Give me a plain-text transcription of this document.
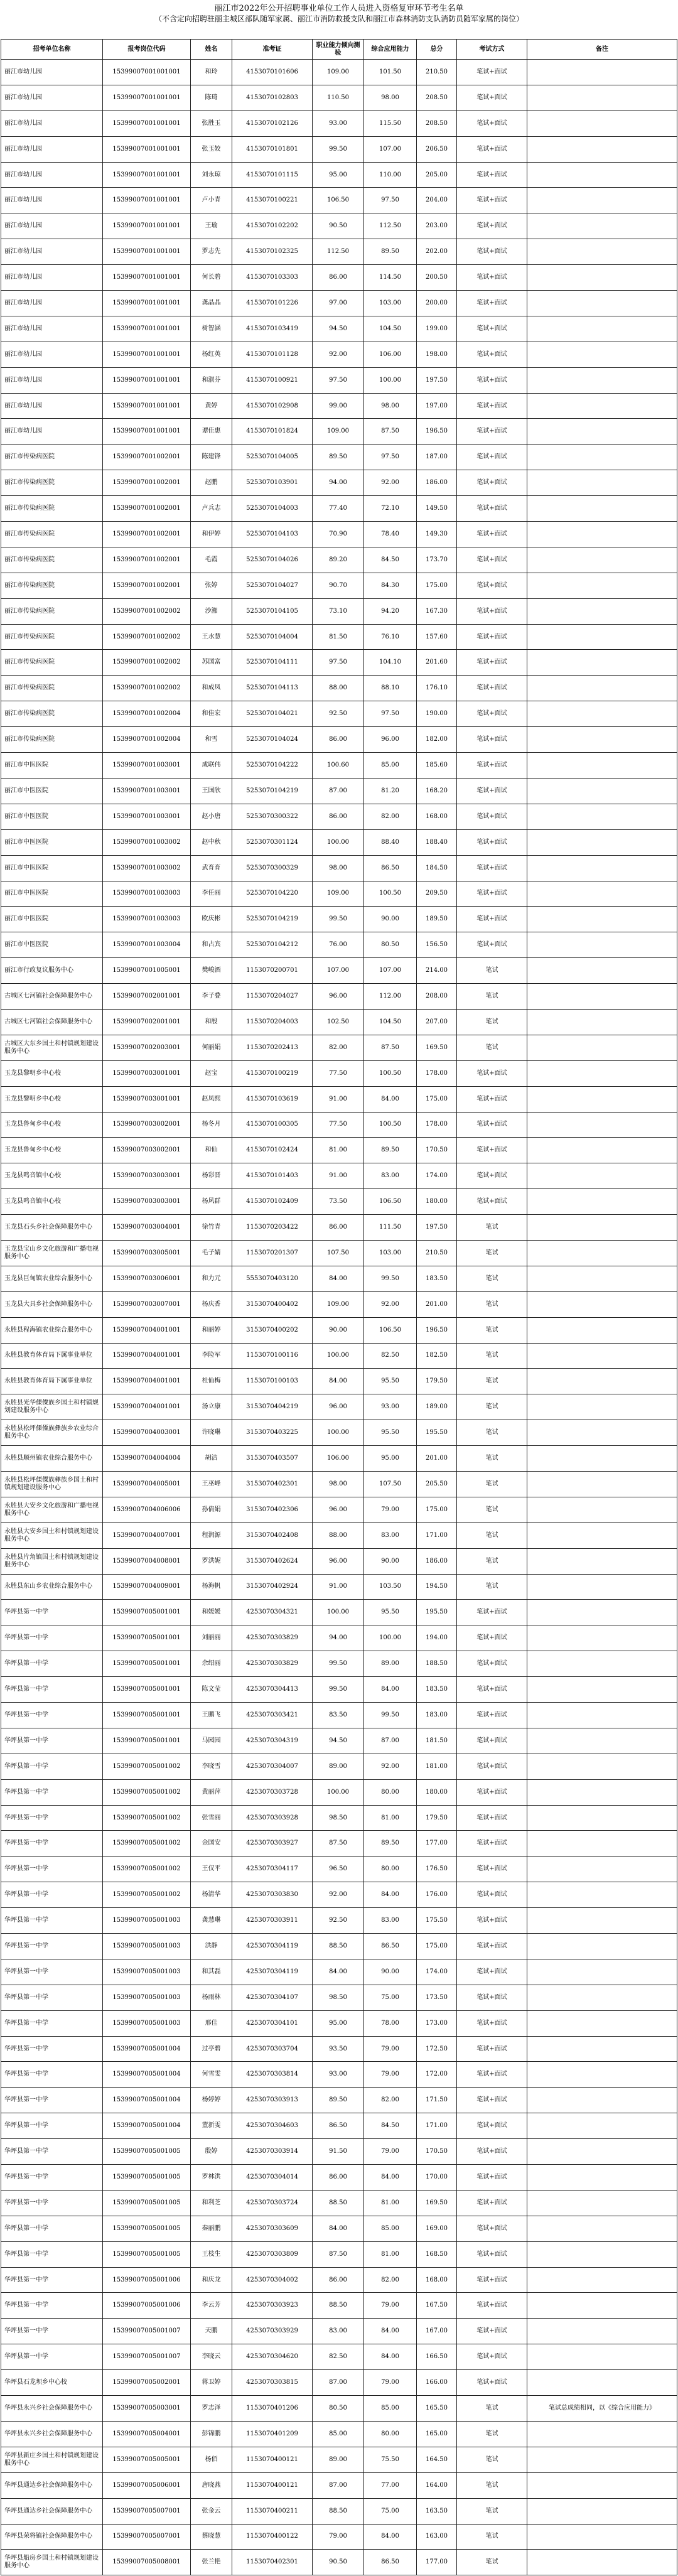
丽江市2022年公开招聘事业单位工作人员进入资格复审环节考生名单
（不含定向招聘驻丽主城区部队随军家属、丽江市消防救援支队和丽江市森林消防支队消防员随军家属的岗位）
招考单位名称	报考岗位代码	姓名	准考证	职业能力倾向测验	综合应用能力	总分	考试方式	备注
丽江市幼儿园	15399007001001001	和玲	4153070101606	109.00	101.50	210.50	笔试+面试	
丽江市幼儿园	15399007001001001	陈琦	4153070102803	110.50	98.00	208.50	笔试+面试	
丽江市幼儿园	15399007001001001	张胜玉	4153070102126	93.00	115.50	208.50	笔试+面试	
丽江市幼儿园	15399007001001001	张玉姣	4153070101801	99.50	107.00	206.50	笔试+面试	
丽江市幼儿园	15399007001001001	刘永琼	4153070101115	95.00	110.00	205.00	笔试+面试	
丽江市幼儿园	15399007001001001	卢小青	4153070100221	106.50	97.50	204.00	笔试+面试	
丽江市幼儿园	15399007001001001	王瑜	4153070102202	90.50	112.50	203.00	笔试+面试	
丽江市幼儿园	15399007001001001	罗志先	4153070102325	112.50	89.50	202.00	笔试+面试	
丽江市幼儿园	15399007001001001	何长碧	4153070103303	86.00	114.50	200.50	笔试+面试	
丽江市幼儿园	15399007001001001	龚晶晶	4153070101226	97.00	103.00	200.00	笔试+面试	
丽江市幼儿园	15399007001001001	树智涵	4153070103419	94.50	104.50	199.00	笔试+面试	
丽江市幼儿园	15399007001001001	杨红英	4153070101128	92.00	106.00	198.00	笔试+面试	
丽江市幼儿园	15399007001001001	和淑芬	4153070100921	97.50	100.00	197.50	笔试+面试	
丽江市幼儿园	15399007001001001	黄婷	4153070102908	99.00	98.00	197.00	笔试+面试	
丽江市幼儿园	15399007001001001	谭佳惠	4153070101824	109.00	87.50	196.50	笔试+面试	
丽江市传染病医院	15399007001002001	陈建锋	5253070104005	89.50	97.50	187.00	笔试+面试	
丽江市传染病医院	15399007001002001	赵鹏	5253070103901	94.00	92.00	186.00	笔试+面试	
丽江市传染病医院	15399007001002001	卢兵志	5253070104003	77.40	72.10	149.50	笔试+面试	
丽江市传染病医院	15399007001002001	和伊婷	5253070104103	70.90	78.40	149.30	笔试+面试	
丽江市传染病医院	15399007001002001	毛霞	5253070104026	89.20	84.50	173.70	笔试+面试	
丽江市传染病医院	15399007001002001	张婷	5253070104027	90.70	84.30	175.00	笔试+面试	
丽江市传染病医院	15399007001002002	沙湘	5253070104105	73.10	94.20	167.30	笔试+面试	
丽江市传染病医院	15399007001002002	王水慧	5253070104004	81.50	76.10	157.60	笔试+面试	
丽江市传染病医院	15399007001002002	苏国富	5253070104111	97.50	104.10	201.60	笔试+面试	
丽江市传染病医院	15399007001002002	和成凤	5253070104113	88.00	88.10	176.10	笔试+面试	
丽江市传染病医院	15399007001002004	和佳宏	5253070104021	92.50	97.50	190.00	笔试+面试	
丽江市传染病医院	15399007001002004	和雪	5253070104024	86.00	96.00	182.00	笔试+面试	
丽江市中医医院	15399007001003001	成联伟	5253070104222	100.60	85.00	185.60	笔试+面试	
丽江市中医医院	15399007001003001	王国欣	5253070104219	87.00	81.20	168.20	笔试+面试	
丽江市中医医院	15399007001003001	赵小唐	5253070300322	86.00	82.00	168.00	笔试+面试	
丽江市中医医院	15399007001003002	赵中秋	5253070301124	100.00	88.40	188.40	笔试+面试	
丽江市中医医院	15399007001003002	武育育	5253070300329	98.00	86.50	184.50	笔试+面试	
丽江市中医医院	15399007001003003	李任丽	5253070104220	109.00	100.50	209.50	笔试+面试	
丽江市中医医院	15399007001003003	欧庆彬	5253070104219	99.50	90.00	189.50	笔试+面试	
丽江市中医医院	15399007001003004	和占宾	5253070104212	76.00	80.50	156.50	笔试+面试	
丽江市行政复议服务中心	15399007001005001	樊峻酒	1153070200701	107.00	107.00	214.00	笔试	
古城区七河镇社会保障服务中心	15399007002001001	李子叠	1153070204027	96.00	112.00	208.00	笔试	
古城区七河镇社会保障服务中心	15399007002001001	和殷	1153070204003	102.50	104.50	207.00	笔试	
古城区大东乡国土和村镇规划建设服务中心	15399007002003001	何丽娟	1153070202413	82.00	87.50	169.50	笔试	
玉龙县黎明乡中心校	15399007003001001	赵宝	4153070100219	77.50	100.50	178.00	笔试+面试	
玉龙县黎明乡中心校	15399007003001001	赵凤熙	4153070103619	91.00	84.00	175.00	笔试+面试	
玉龙县鲁甸乡中心校	15399007003002001	杨冬月	4153070100305	77.50	100.50	178.00	笔试+面试	
玉龙县鲁甸乡中心校	15399007003002001	和仙	4153070102424	81.00	89.50	170.50	笔试+面试	
玉龙县鸣音镇中心校	15399007003003001	杨彩晋	4153070101403	91.00	83.00	174.00	笔试+面试	
玉龙县鸣音镇中心校	15399007003003001	杨风群	4153070102409	73.50	106.50	180.00	笔试+面试	
玉龙县石头乡社会保障服务中心	15399007003004001	徐竹青	1153070203422	86.00	111.50	197.50	笔试	
玉龙县宝山乡文化旅游和广播电视服务中心	15399007003005001	毛子婧	1153070201307	107.50	103.00	210.50	笔试	
玉龙县巨甸镇农业综合服务中心	15399007003006001	和力元	5553070403120	84.00	99.50	183.50	笔试	
玉龙县大具乡社会保障服务中心	15399007003007001	杨庆香	3153070400402	109.00	92.00	201.00	笔试	
永胜县程海镇农业综合服务中心	15399007004001001	和丽婷	3153070400202	90.00	106.50	196.50	笔试	
永胜县教育体育局下属事业单位	15399007004001001	李险军	1153070100116	100.00	82.50	182.50	笔试	
永胜县教育体育局下属事业单位	15399007004001001	杜仙梅	1153070100103	84.00	95.50	179.50	笔试	
永胜县光华傈僳族乡国土和村镇规划建设服务中心	15399007004001001	汤立康	3153070404219	96.00	93.00	189.00	笔试	
永胜县松坪傈僳族彝族乡农业综合服务中心	15399007004003001	许晓琳	3153070403225	100.00	95.50	195.50	笔试	
永胜县顺州镇农业综合服务中心	15399007004004004	胡洁	3153070403507	106.00	95.00	201.00	笔试	
永胜县松坪傈僳族彝族乡国土和村镇规划建设服务中心	15399007004005001	王巫峰	3153070402301	98.00	107.50	205.50	笔试	
永胜县大安乡文化旅游和广播电视服务中心	15399007004006006	孙倩娟	3153070402306	96.00	79.00	175.00	笔试	
永胜县大安乡国土和村镇规划建设服务中心	15399007004007001	程润源	3153070402408	88.00	83.00	171.00	笔试	
永胜县片角镇国土和村镇规划建设服务中心	15399007004008001	罗洪妮	3153070402624	96.00	90.00	186.00	笔试	
永胜县东山乡农业综合服务中心	15399007004009001	杨海帆	3153070402924	91.00	103.50	194.50	笔试	
华坪县第一中学	15399007005001001	和媛媛	4253070304321	100.00	95.50	195.50	笔试+面试	
华坪县第一中学	15399007005001001	刘丽丽	4253070303829	94.00	100.00	194.00	笔试+面试	
华坪县第一中学	15399007005001001	余绍丽	4253070303829	99.50	89.00	188.50	笔试+面试	
华坪县第一中学	15399007005001001	陈文莹	4253070304413	99.50	84.00	183.50	笔试+面试	
华坪县第一中学	15399007005001001	王鹏飞	4253070303421	83.50	99.50	183.00	笔试+面试	
华坪县第一中学	15399007005001001	马园园	4253070304319	94.50	87.00	181.50	笔试+面试	
华坪县第一中学	15399007005001002	李晓雪	4253070304007	89.00	92.00	181.00	笔试+面试	
华坪县第一中学	15399007005001002	黄丽萍	4253070303728	100.00	80.00	180.00	笔试+面试	
华坪县第一中学	15399007005001002	张雪丽	4253070303928	98.50	81.00	179.50	笔试+面试	
华坪县第一中学	15399007005001002	金国安	4253070303927	87.50	89.50	177.00	笔试+面试	
华坪县第一中学	15399007005001002	王仅平	4253070304117	96.50	80.00	176.50	笔试+面试	
华坪县第一中学	15399007005001002	杨清华	4253070303830	92.00	84.00	176.00	笔试+面试	
华坪县第一中学	15399007005001003	龚慧琳	4253070303911	92.50	83.00	175.50	笔试+面试	
华坪县第一中学	15399007005001003	洪静	4253070304119	88.50	86.50	175.00	笔试+面试	
华坪县第一中学	15399007005001003	和其磊	4253070304119	84.00	90.00	174.00	笔试+面试	
华坪县第一中学	15399007005001003	杨雨林	4253070304107	98.50	75.00	173.50	笔试+面试	
华坪县第一中学	15399007005001003	邢佳	4253070304101	95.00	78.00	173.00	笔试+面试	
华坪县第一中学	15399007005001004	过亭碧	4253070303704	93.50	79.00	172.50	笔试+面试	
华坪县第一中学	15399007005001004	何雪雯	4253070303814	93.00	79.00	172.00	笔试+面试	
华坪县第一中学	15399007005001004	杨婷婷	4253070303913	89.50	82.00	171.50	笔试+面试	
华坪县第一中学	15399007005001004	董新雯	4253070304603	86.50	84.50	171.00	笔试+面试	
华坪县第一中学	15399007005001005	殷婷	4253070303914	91.50	79.00	170.50	笔试+面试	
华坪县第一中学	15399007005001005	罗林洪	4253070304014	86.00	84.00	170.00	笔试+面试	
华坪县第一中学	15399007005001005	和利芝	4253070303724	88.50	81.00	169.50	笔试+面试	
华坪县第一中学	15399007005001005	秦丽鹏	4253070303609	84.00	85.00	169.00	笔试+面试	
华坪县第一中学	15399007005001005	王枝生	4253070303809	87.50	81.00	168.50	笔试+面试	
华坪县第一中学	15399007005001006	和庆龙	4253070304002	86.00	82.00	168.00	笔试+面试	
华坪县第一中学	15399007005001006	李云芳	4253070303923	88.50	79.00	167.50	笔试+面试	
华坪县第一中学	15399007005001007	天鹏	4253070303929	83.00	84.00	167.00	笔试+面试	
华坪县第一中学	15399007005001007	李晓云	4253070304620	82.50	84.00	166.50	笔试+面试	
华坪县石龙坝乡中心校	15399007005002001	蒋卫婷	4253070303815	87.00	79.00	166.00	笔试+面试	
华坪县永兴乡社会保障服务中心	15399007005003001	罗志泽	1153070401206	80.50	85.00	165.50	笔试	笔试总成绩相同，以《综合应用能力》
华坪县永兴乡社会保障服务中心	15399007005004001	彭锦鹏	1153070401209	85.00	80.00	165.00	笔试	
华坪县新庄乡国土和村镇规划建设服务中心	15399007005005001	杨佰	1153070400121	89.00	75.50	164.50	笔试	
华坪县通达乡社会保障服务中心	15399007005006001	唐晓燕	1153070400121	87.00	77.00	164.00	笔试	
华坪县通达乡社会保障服务中心	15399007005007001	张金云	1153070400211	88.50	75.00	163.50	笔试	
华坪县荣将镇社会保障服务中心	15399007005007001	蔡晓慧	1153070400122	79.00	84.00	163.00	笔试	
华坪县船房乡国土和村镇规划建设服务中心	15399007005008001	张兰艳	1153070402301	90.50	86.50	177.00	笔试	
